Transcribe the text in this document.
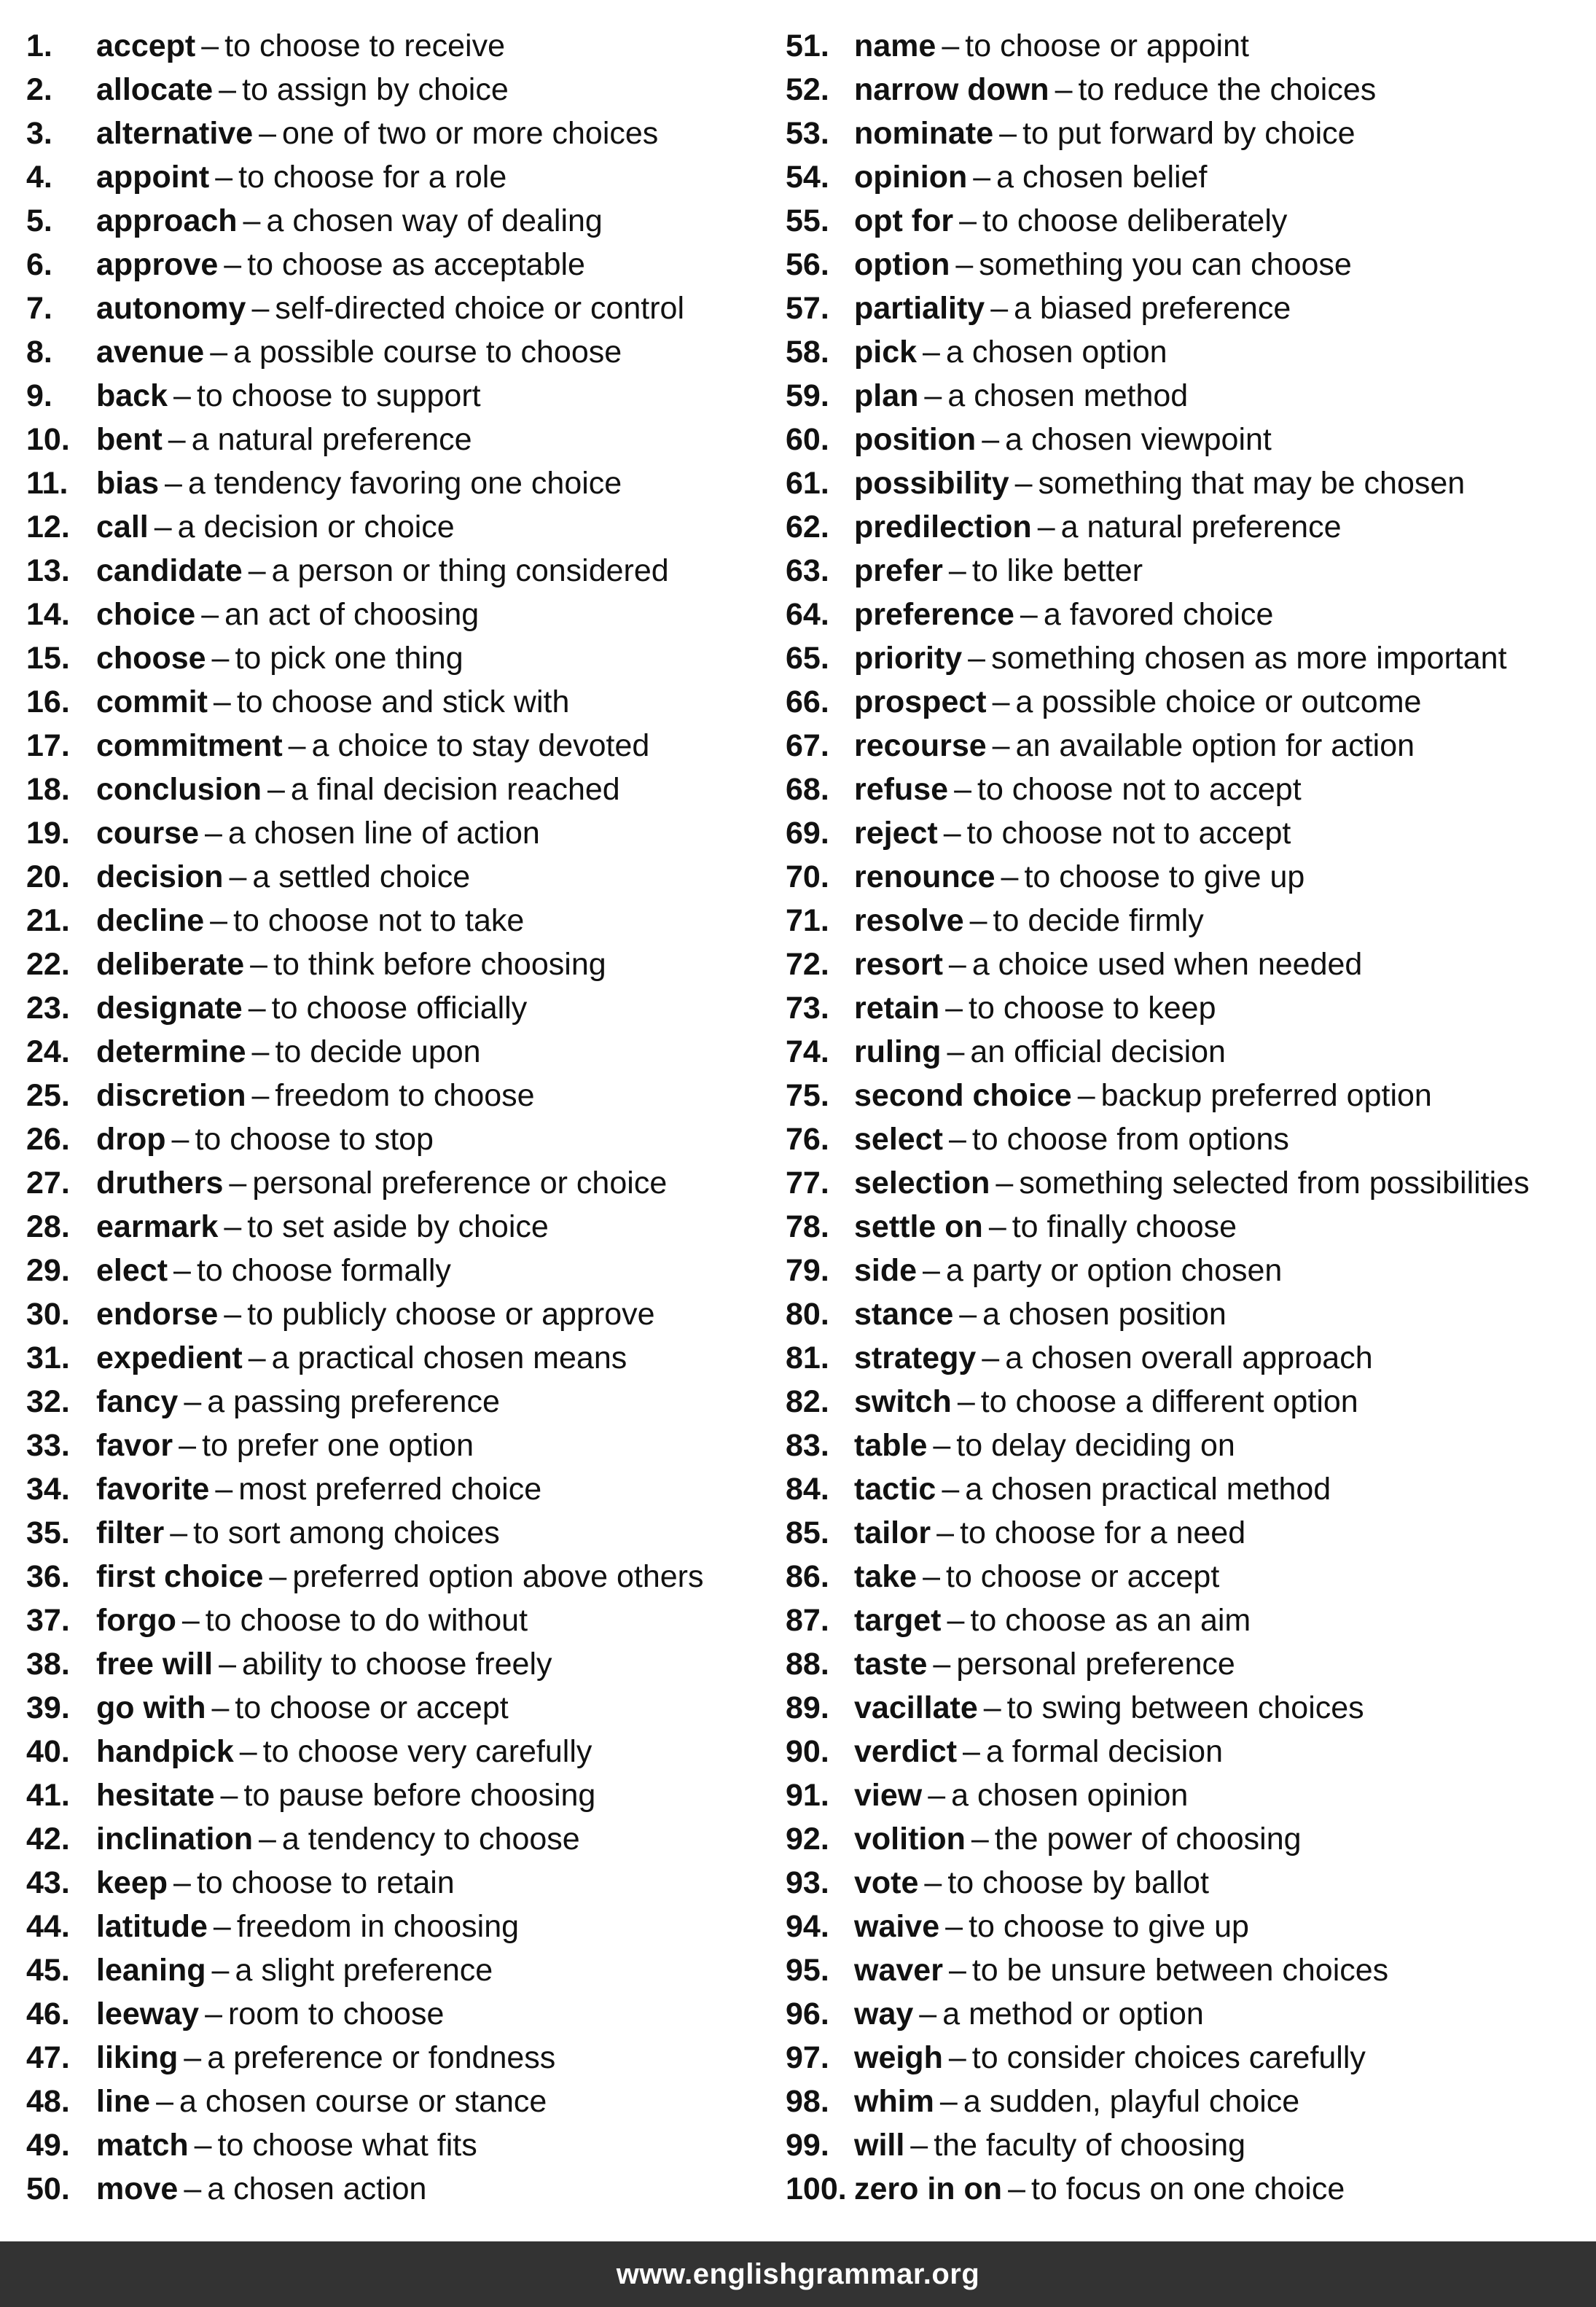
1.	accept – to choose to receive
2.	allocate – to assign by choice
3.	alternative – one of two or more choices
4.	appoint – to choose for a role
5.	approach – a chosen way of dealing
6.	approve – to choose as acceptable
7.	autonomy – self-directed choice or control
8.	avenue – a possible course to choose
9.	back – to choose to support
10. bent – a natural preference
11. bias – a tendency favoring one choice
12. call – a decision or choice
13. candidate – a person or thing considered
14. choice – an act of choosing
15. choose – to pick one thing
16. commit – to choose and stick with
17. commitment – a choice to stay devoted
18. conclusion – a final decision reached
19. course – a chosen line of action
20. decision – a settled choice
21. decline – to choose not to take
22. deliberate – to think before choosing
23. designate – to choose officially
24. determine – to decide upon
25. discretion – freedom to choose
26. drop – to choose to stop
27. druthers – personal preference or choice
28. earmark – to set aside by choice
29. elect – to choose formally
30. endorse – to publicly choose or approve
31. expedient – a practical chosen means
32. fancy – a passing preference
33. favor – to prefer one option
34. favorite – most preferred choice
35. filter – to sort among choices
36. first choice – preferred option above others
37. forgo – to choose to do without
38. free will – ability to choose freely
39. go with – to choose or accept
40. handpick – to choose very carefully
41. hesitate – to pause before choosing
42. inclination – a tendency to choose
43. keep – to choose to retain
44. latitude – freedom in choosing
45. leaning – a slight preference
46. leeway – room to choose
47. liking – a preference or fondness
48. line – a chosen course or stance
49. match – to choose what fits
50. move – a chosen action
51. name – to choose or appoint
52. narrow down – to reduce the choices
53. nominate – to put forward by choice
54. opinion – a chosen belief
55. opt for – to choose deliberately
56. option – something you can choose
57. partiality – a biased preference
58. pick – a chosen option
59. plan – a chosen method
60. position – a chosen viewpoint
61. possibility – something that may be chosen
62. predilection – a natural preference
63. prefer – to like better
64. preference – a favored choice
65. priority – something chosen as more important
66. prospect – a possible choice or outcome
67. recourse – an available option for action
68. refuse – to choose not to accept
69. reject – to choose not to accept
70. renounce – to choose to give up
71. resolve – to decide firmly
72. resort – a choice used when needed
73. retain – to choose to keep
74. ruling – an official decision
75. second choice – backup preferred option
76. select – to choose from options
77. selection – something selected from possibilities
78. settle on – to finally choose
79. side – a party or option chosen
80. stance – a chosen position
81. strategy – a chosen overall approach
82. switch – to choose a different option
83. table – to delay deciding on
84. tactic – a chosen practical method
85. tailor – to choose for a need
86. take – to choose or accept
87. target – to choose as an aim
88. taste – personal preference
89. vacillate – to swing between choices
90. verdict – a formal decision
91. view – a chosen opinion
92. volition – the power of choosing
93. vote – to choose by ballot
94. waive – to choose to give up
95. waver – to be unsure between choices
96. way – a method or option
97. weigh – to consider choices carefully
98. whim – a sudden, playful choice
99. will – the faculty of choosing
100. zero in on – to focus on one choice
www.englishgrammar.org
